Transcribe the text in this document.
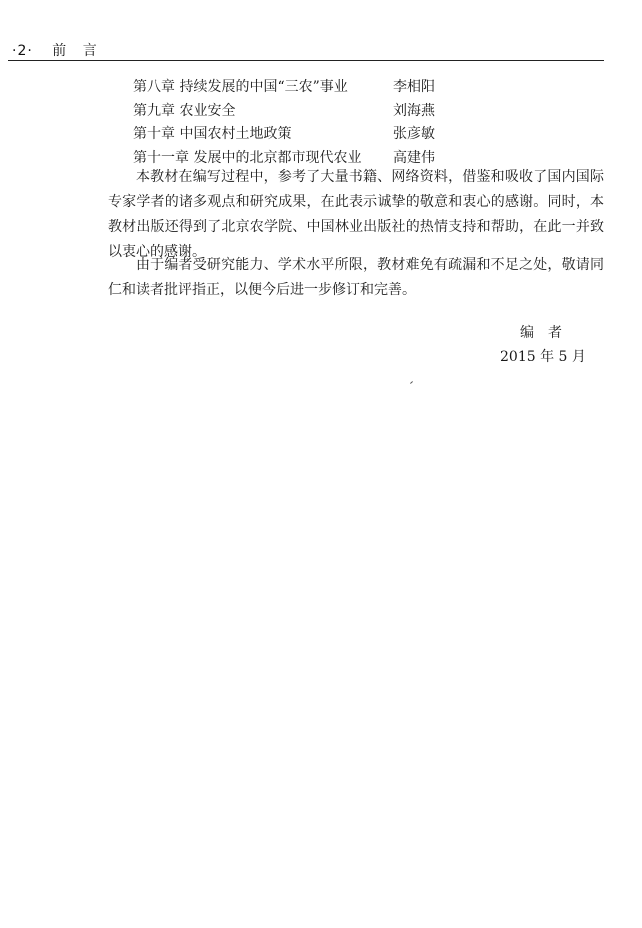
·2· 前 言
第八章 持续发展的中国“三农”事业	李相阳
第九章 农业安全	刘海燕
第十章 中国农村土地政策	张彦敏
第十一章 发展中的北京都市现代农业	高建伟

本教材在编写过程中，参考了大量书籍、网络资料，借鉴和吸收了国内国际专家学者的诸多观点和研究成果，在此表示诚挚的敬意和衷心的感谢。同时，本教材出版还得到了北京农学院、中国林业出版社的热情支持和帮助，在此一并致以衷心的感谢。

由于编者受研究能力、学术水平所限，教材难免有疏漏和不足之处，敬请同仁和读者批评指正，以便今后进一步修订和完善。

编者
2015 年 5 月
